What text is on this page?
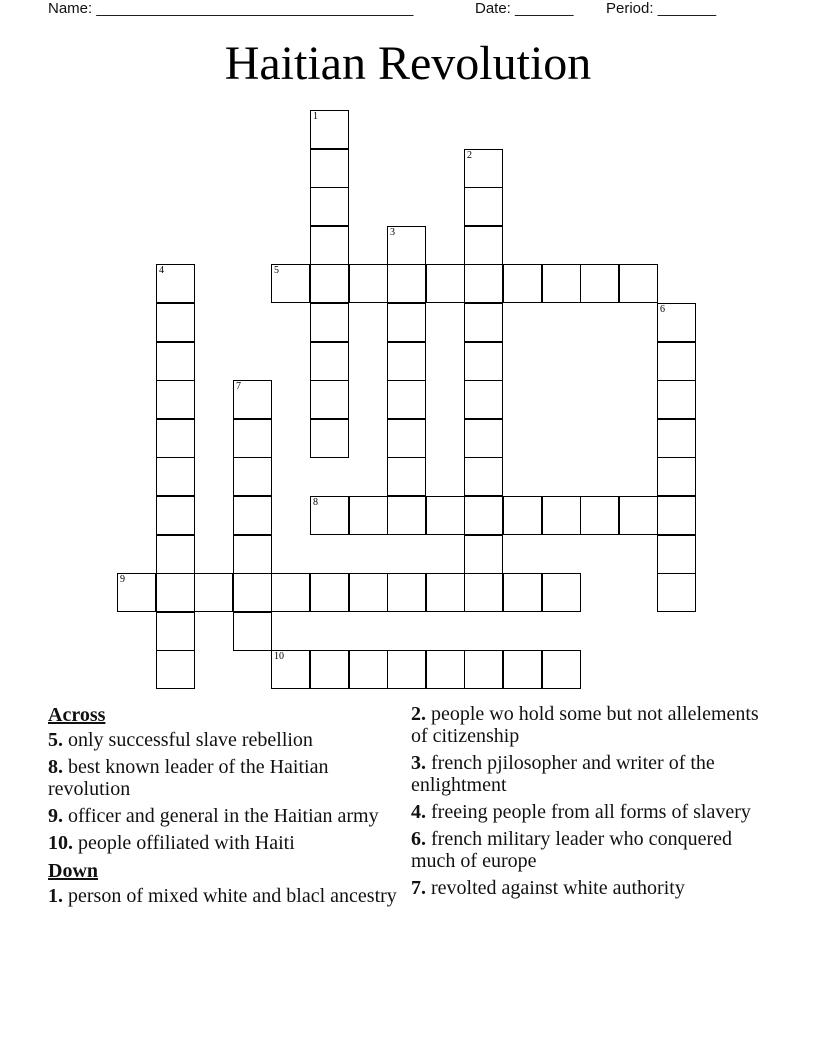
Name: ______________________________________	Date: _______ Period: _______
Haitian Revolution
1
2
3
4	5
6
7
8
9
10
Across
5. only successful slave rebellion
8. best known leader of the Haitian revolution
9. officer and general in the Haitian army
10. people offiliated with Haiti
Down
1. person of mixed white and blacl ancestry
2. people wo hold some but not allelements of citizenship
3. french pjilosopher and writer of the enlightment
4. freeing people from all forms of slavery
6. french military leader who conquered much of europe
7. revolted against white authority
